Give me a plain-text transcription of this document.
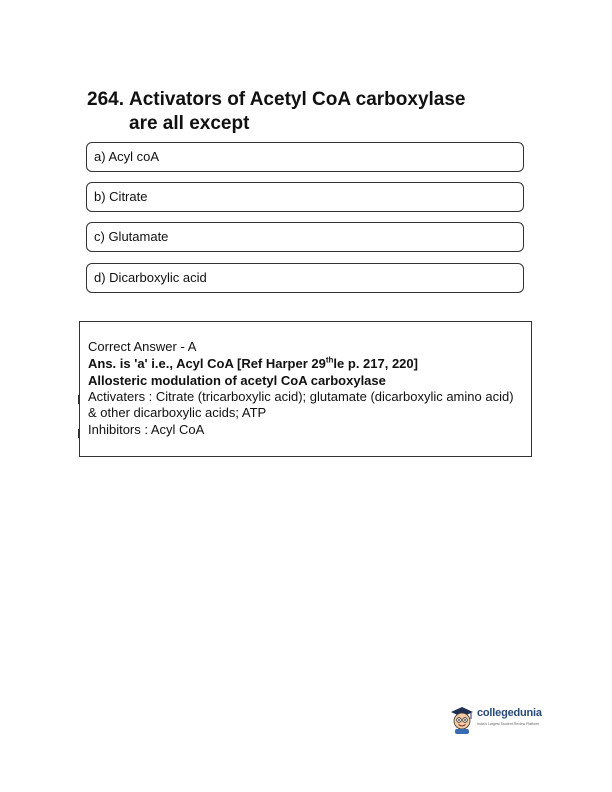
264. Activators of Acetyl CoA carboxylase
are all except
a) Acyl coA
b) Citrate
c) Glutamate
d) Dicarboxylic acid
Correct Answer - A
Ans. is 'a' i.e., Acyl CoA [Ref Harper 29thle p. 217, 220]
Allosteric modulation of acetyl CoA carboxylase
Activaters : Citrate (tricarboxylic acid); glutamate (dicarboxylic amino acid) & other dicarboxylic acids; ATP
Inhibitors : Acyl CoA
collegedunia
India's Largest Student Review Platform
